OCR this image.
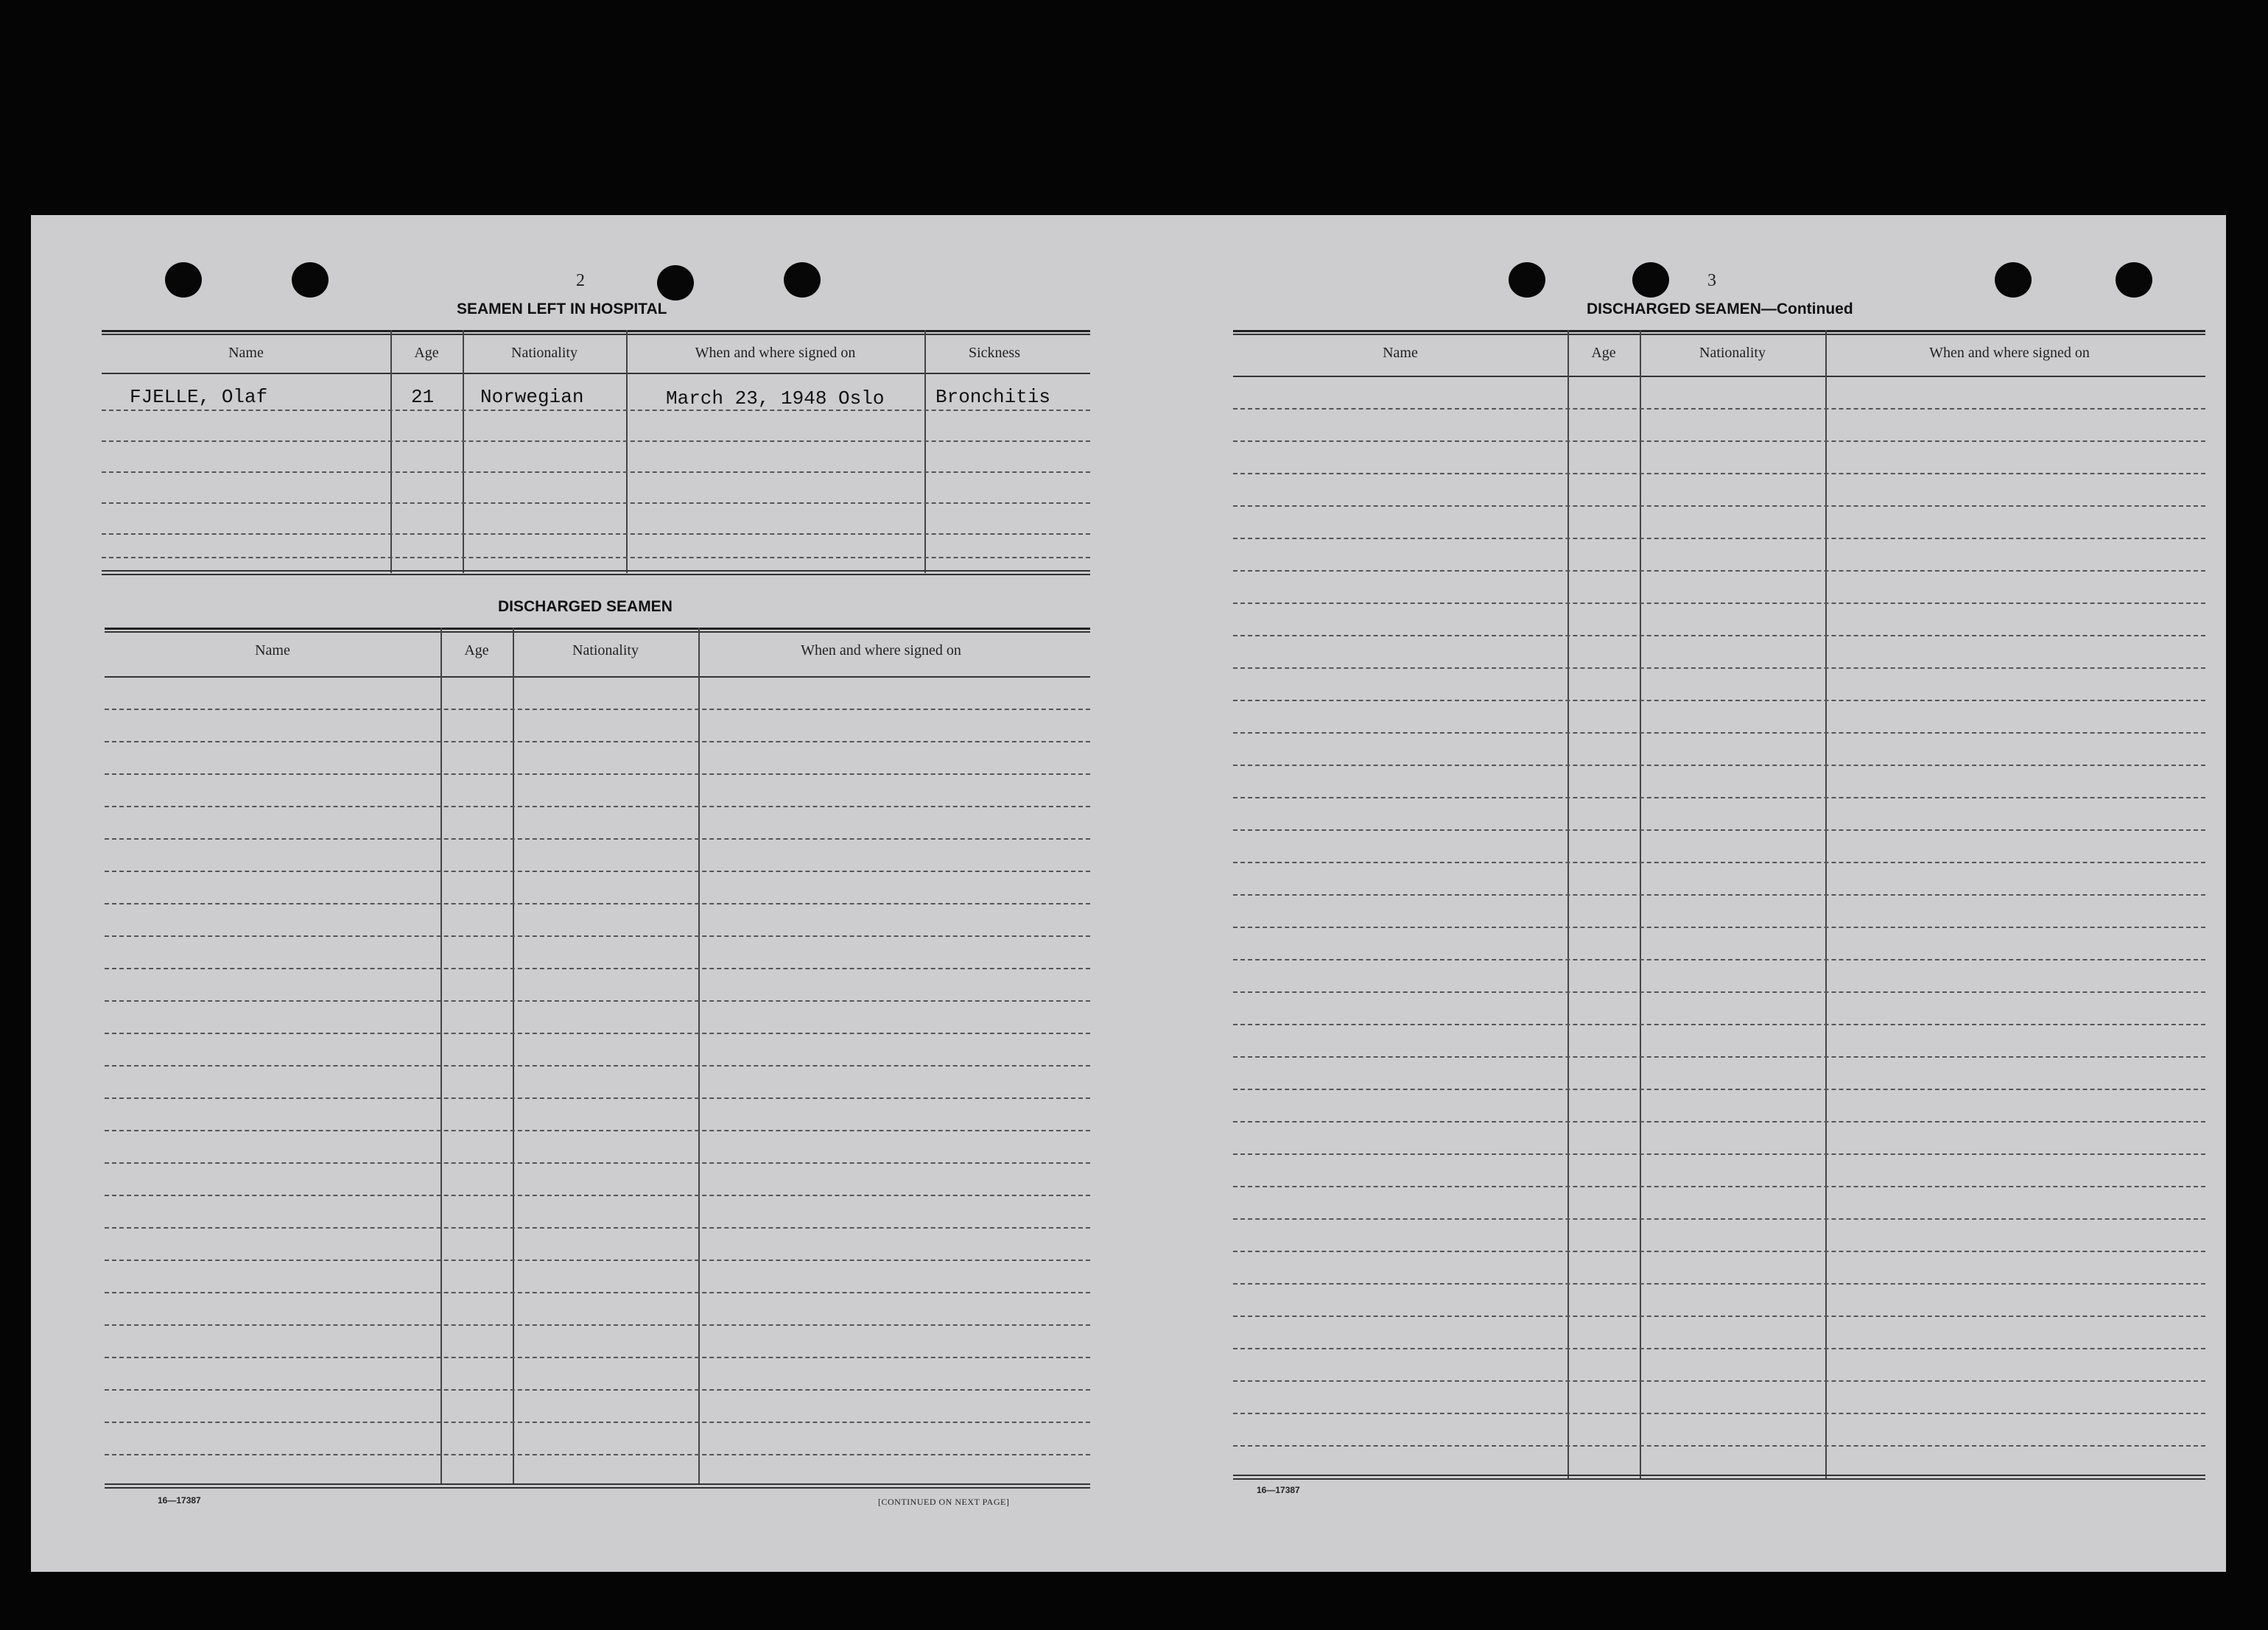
2
SEAMEN LEFT IN HOSPITAL
Name	Age	Nationality	When and where signed on	Sickness
FJELLE, Olaf	21 Norwegian	March 23, 1948 Oslo	Bronchitis
DISCHARGED SEAMEN
Name	Age	Nationality	When and where signed on
16—17387	[CONTINUED ON NEXT PAGE]
3
DISCHARGED SEAMEN—Continued
Name	Age	Nationality	When and where signed on
16—17387
